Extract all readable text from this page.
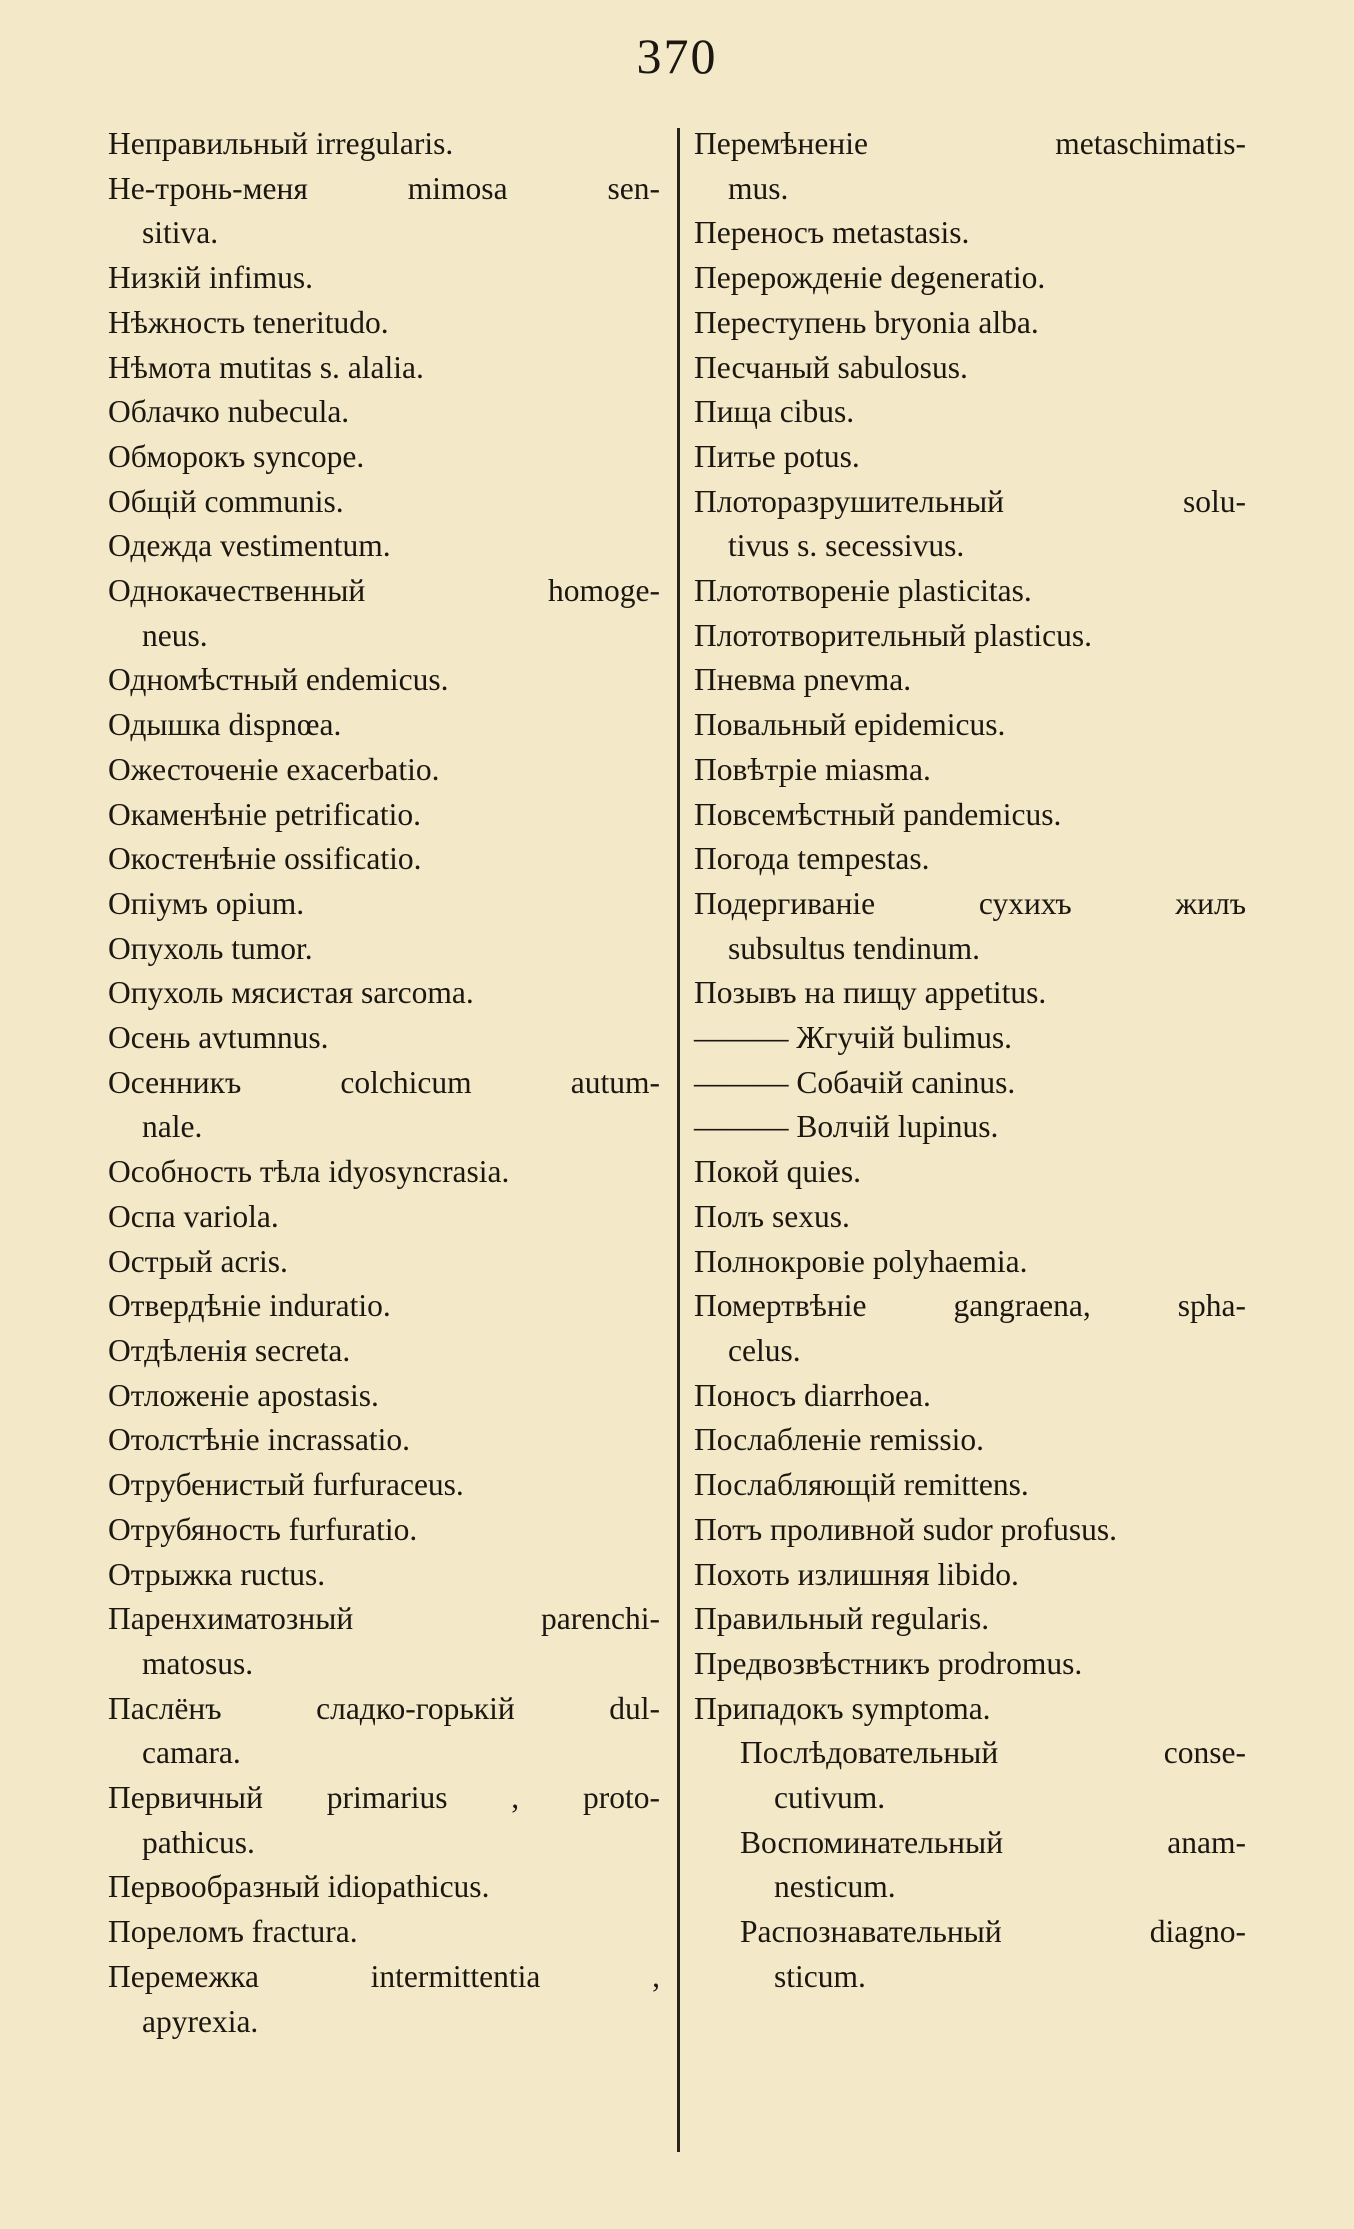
370
Неправильный irregularis.
Не-тронь-меня mimosa sen-
sitiva.
Низкій infimus.
Нѣжность teneritudo.
Нѣмота mutitas s. alalia.
Облачко nubecula.
Обморокъ syncope.
Общій communis.
Одежда vestimentum.
Однокачественный homoge-
neus.
Одномѣстный endemicus.
Одышка dispnœa.
Ожесточеніе exacerbatio.
Окаменѣніе petrificatio.
Окостенѣніе ossificatio.
Опіумъ opium.
Опухоль tumor.
Опухоль мясистая sarcoma.
Осень avtumnus.
Осенникъ colchicum autum-
nale.
Особность тѣла idyosyncrasia.
Оспа variola.
Острый acris.
Отвердѣніе induratio.
Отдѣленія secreta.
Отложеніе apostasis.
Отолстѣніе incrassatio.
Отрубенистый furfuraceus.
Отрубяность furfuratio.
Отрыжка ructus.
Паренхиматозный parenchi-
matosus.
Паслёнъ сладко-горькій dul-
camara.
Первичный primarius , proto-
pathicus.
Первообразный idiopathicus.
Порелoмъ fractura.
Перемежка intermittentia ,
apyrexia.
Перемѣненіе metaschimatis-
mus.
Переносъ metastasis.
Перерожденіе degeneratio.
Переступень bryonia alba.
Песчаный sabulosus.
Пища cibus.
Питье potus.
Плоторазрушительный solu-
tivus s. secessivus.
Плототвореніе plasticitas.
Плототворительный plasticus.
Пневма pnevma.
Повальный epidemicus.
Повѣтріе miasma.
Повсемѣстный pandemicus.
Погода tempestas.
Подергиваніе сухихъ жилъ
subsultus tendinum.
Позывъ на пищу appetitus.
——— Жгучій bulimus.
——— Собачій caninus.
——— Волчій lupinus.
Покой quies.
Полъ sexus.
Полнокровіе polyhaemia.
Помертвѣніе gangraena, spha-
celus.
Поносъ diarrhoea.
Послабленіе remissio.
Послабляющій remittens.
Потъ проливной sudor profusus.
Похоть излишняя libido.
Правильный regularis.
Предвозвѣстникъ prodromus.
Припадокъ symptoma.
Послѣдовательный conse-
cutivum.
Воспоминательный anam-
nesticum.
Распознавательный diagno-
sticum.
